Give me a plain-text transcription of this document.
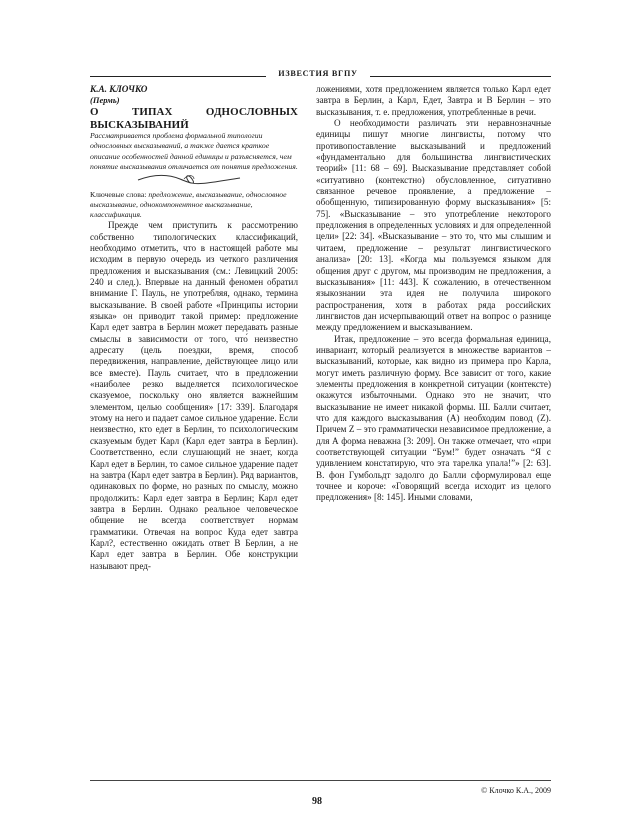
ИЗВЕСТИЯ ВГПУ

К.А. КЛОЧКО

(Пермь)

О ТИПАХ ОДНОСЛОВНЫХ ВЫСКАЗЫВАНИЙ

Рассматривается проблема формальной типологии однословных высказываний, а также дается краткое описание особенностей данной единицы и разъясняется, чем понятие высказывания отличается от понятия предложения.

Ключевые слова: предложение, высказывание, однословное высказывание, однокомпонентное высказывание, классификация.

Прежде чем приступить к рассмотрению собственно типологических классификаций, необходимо отметить, что в настоящей работе мы исходим в первую очередь из четкого различения предложения и высказывания (см.: Левицкий 2005: 240 и след.). Впервые на данный феномен обратил внимание Г. Пауль, не употребляя, однако, термина высказывание. В своей работе «Принципы истории языка» он приводит такой пример: предложение Карл едет завтра в Берлин может передавать разные смыслы в зависимости от того, что́ неизвестно адресату (цель поездки, время, способ передвижения, направление, действующее лицо или все вместе). Пауль считает, что в предложении «наиболее резко выделяется психологическое сказуемое, поскольку оно является важнейшим элементом, целью сообщения» [17: 339]. Благодаря этому на него и падает самое сильное ударение. Если неизвестно, кто едет в Берлин, то психологическим сказуемым будет Карл (Карл едет завтра в Берлин). Соответственно, если слушающий не знает, когда Карл едет в Берлин, то самое сильное ударение падет на завтра (Карл едет завтра в Берлин). Ряд вариантов, одинаковых по форме, но разных по смыслу, можно продолжить: Карл едет завтра в Берлин; Карл едет завтра в Берлин. Однако реальное человеческое общение не всегда соответствует нормам грамматики. Отвечая на вопрос Куда едет завтра Карл?, естественно ожидать ответ В Берлин, а не Карл едет завтра в Берлин. Обе конструкции называют пред-

ложениями, хотя предложением является только Карл едет завтра в Берлин, а Карл, Едет, Завтра и В Берлин – это высказывания, т. е. предложения, употребленные в речи.

О необходимости различать эти неравнозначные единицы пишут многие лингвисты, потому что противопоставление высказываний и предложений «фундаментально для большинства лингвистических теорий» [11: 68 – 69]. Высказывание представляет собой «ситуативно (контекстно) обусловленное, ситуативно связанное речевое проявление, а предложение – обобщенную, типизированную форму высказывания» [5: 75]. «Высказывание – это употребление некоторого предложения в определенных условиях и для определенной цели» [22: 34]. «Высказывание – это то, что мы слышим и читаем, предложение – результат лингвистического анализа» [20: 13]. «Когда мы пользуемся языком для общения друг с другом, мы производим не предложения, а высказывания» [11: 443]. К сожалению, в отечественном языкознании эта идея не получила широкого распространения, хотя в работах ряда российских лингвистов дан исчерпывающий ответ на вопрос о разнице между предложением и высказыванием.

Итак, предложение – это всегда формальная единица, инвариант, который реализуется в множестве вариантов – высказываний, которые, как видно из примера про Карла, могут иметь различную форму. Все зависит от того, какие элементы предложения в конкретной ситуации (контексте) окажутся избыточными. Однако это не значит, что высказывание не имеет никакой формы. Ш. Балли считает, что для каждого высказывания (А) необходим повод (Z). Причем Z – это грамматически независимое предложение, а для А форма неважна [3: 209]. Он также отмечает, что «при соответствующей ситуации “Бум!” будет означать “Я с удивлением констатирую, что эта тарелка упала!”» [2: 63]. В. фон Гумбольдт задолго до Балли сформулировал еще точнее и короче: «Говорящий всегда исходит из целого предложения» [8: 145]. Иными словами,

© Клочко К.А., 2009
98
